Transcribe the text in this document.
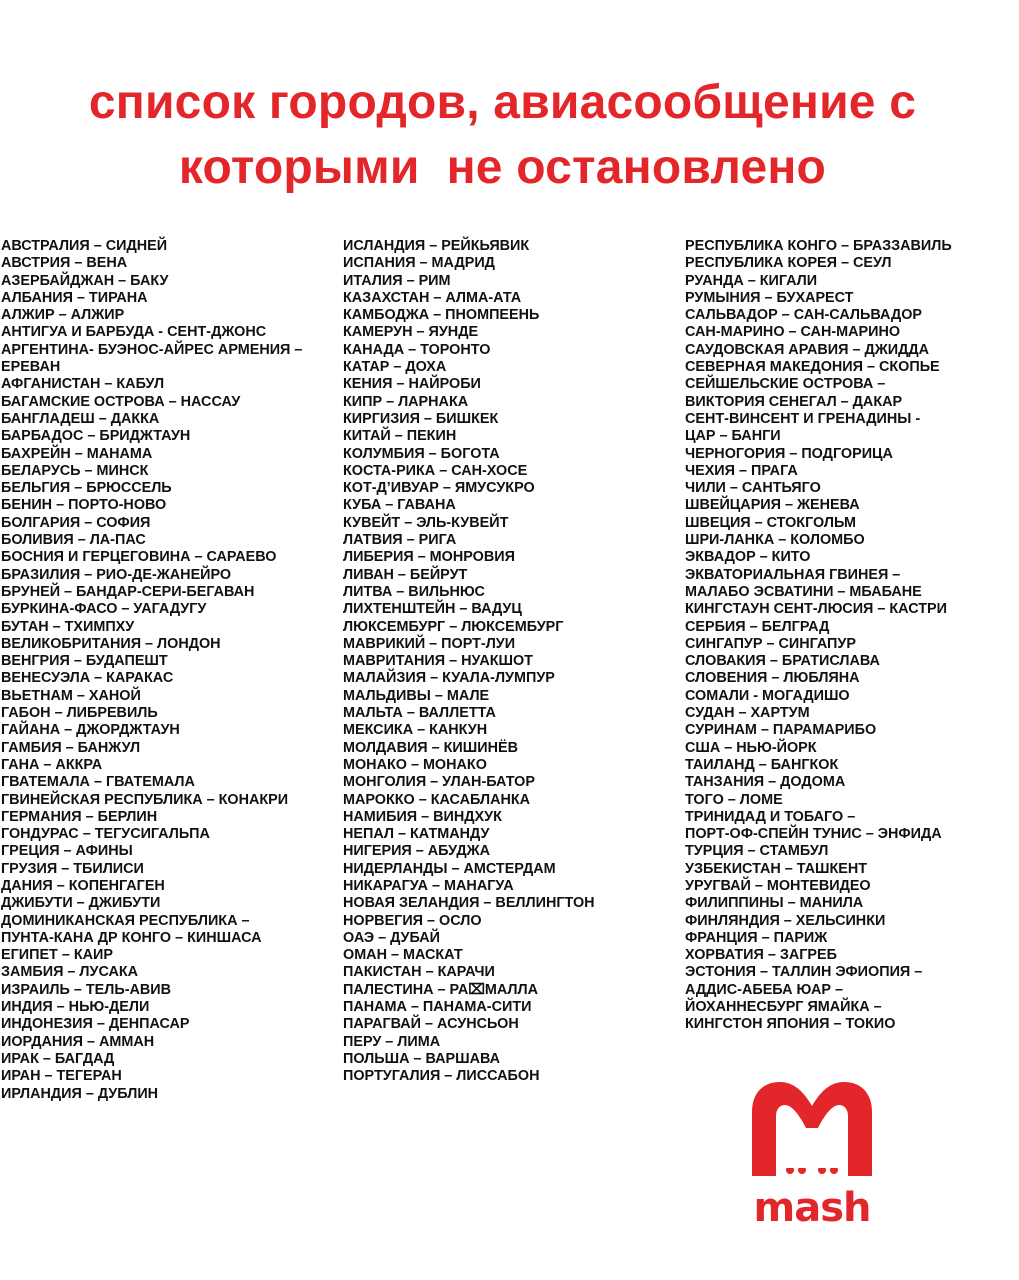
список городов, авиасообщение с
которыми  не остановлено
АВСТРАЛИЯ – СИДНЕЙ
АВСТРИЯ – ВЕНА
АЗЕРБАЙДЖАН – БАКУ
АЛБАНИЯ – ТИРАНА
АЛЖИР – АЛЖИР
АНТИГУА И БАРБУДА - СЕНТ-ДЖОНС
АРГЕНТИНА- БУЭНОС-АЙРЕС АРМЕНИЯ –
ЕРЕВАН
АФГАНИСТАН – КАБУЛ
БАГАМСКИЕ ОСТРОВА – НАССАУ
БАНГЛАДЕШ – ДАККА
БАРБАДОС – БРИДЖТАУН
БАХРЕЙН – МАНАМА
БЕЛАРУСЬ – МИНСК
БЕЛЬГИЯ – БРЮССЕЛЬ
БЕНИН – ПОРТО-НОВО
БОЛГАРИЯ – СОФИЯ
БОЛИВИЯ – ЛА-ПАС
БОСНИЯ И ГЕРЦЕГОВИНА – САРАЕВО
БРАЗИЛИЯ – РИО-ДЕ-ЖАНЕЙРО
БРУНЕЙ – БАНДАР-СЕРИ-БЕГАВАН
БУРКИНА-ФАСО – УАГАДУГУ
БУТАН – ТХИМПХУ
ВЕЛИКОБРИТАНИЯ – ЛОНДОН
ВЕНГРИЯ – БУДАПЕШТ
ВЕНЕСУЭЛА – КАРАКАС
ВЬЕТНАМ – ХАНОЙ
ГАБОН – ЛИБРЕВИЛЬ
ГАЙАНА – ДЖОРДЖТАУН
ГАМБИЯ – БАНЖУЛ
ГАНА – АККРА
ГВАТЕМАЛА – ГВАТЕМАЛА
ГВИНЕЙСКАЯ РЕСПУБЛИКА – КОНАКРИ
ГЕРМАНИЯ – БЕРЛИН
ГОНДУРАС – ТЕГУСИГАЛЬПА
ГРЕЦИЯ – АФИНЫ
ГРУЗИЯ – ТБИЛИСИ
ДАНИЯ – КОПЕНГАГЕН
ДЖИБУТИ – ДЖИБУТИ
ДОМИНИКАНСКАЯ РЕСПУБЛИКА –
ПУНТА-КАНА ДР КОНГО – КИНШАСА
ЕГИПЕТ – КАИР
ЗАМБИЯ – ЛУСАКА
ИЗРАИЛЬ – ТЕЛЬ-АВИВ
ИНДИЯ – НЬЮ-ДЕЛИ
ИНДОНЕЗИЯ – ДЕНПАСАР
ИОРДАНИЯ – АММАН
ИРАК – БАГДАД
ИРАН – ТЕГЕРАН
ИРЛАНДИЯ – ДУБЛИН
ИСЛАНДИЯ – РЕЙКЬЯВИК
ИСПАНИЯ – МАДРИД
ИТАЛИЯ – РИМ
КАЗАХСТАН – АЛМА-АТА
КАМБОДЖА – ПНОМПЕЕНЬ
КАМЕРУН – ЯУНДЕ
КАНАДА – ТОРОНТО
КАТАР – ДОХА
КЕНИЯ – НАЙРОБИ
КИПР – ЛАРНАКА
КИРГИЗИЯ – БИШКЕК
КИТАЙ – ПЕКИН
КОЛУМБИЯ – БОГОТА
КОСТА-РИКА – САН-ХОСЕ
КОТ-Д’ИВУАР – ЯМУСУКРО
КУБА – ГАВАНА
КУВЕЙТ – ЭЛЬ-КУВЕЙТ
ЛАТВИЯ – РИГА
ЛИБЕРИЯ – МОНРОВИЯ
ЛИВАН – БЕЙРУТ
ЛИТВА – ВИЛЬНЮС
ЛИХТЕНШТЕЙН – ВАДУЦ
ЛЮКСЕМБУРГ – ЛЮКСЕМБУРГ
МАВРИКИЙ – ПОРТ-ЛУИ
МАВРИТАНИЯ – НУАКШОТ
МАЛАЙЗИЯ – КУАЛА-ЛУМПУР
МАЛЬДИВЫ – МАЛЕ
МАЛЬТА – ВАЛЛЕТТА
МЕКСИКА – КАНКУН
МОЛДАВИЯ – КИШИНЁВ
МОНАКО – МОНАКО
МОНГОЛИЯ – УЛАН-БАТОР
МАРОККО – КАСАБЛАНКА
НАМИБИЯ – ВИНДХУК
НЕПАЛ – КАТМАНДУ
НИГЕРИЯ – АБУДЖА
НИДЕРЛАНДЫ – АМСТЕРДАМ
НИКАРАГУА – МАНАГУА
НОВАЯ ЗЕЛАНДИЯ – ВЕЛЛИНГТОН
НОРВЕГИЯ – ОСЛО
ОАЭ – ДУБАЙ
ОМАН – МАСКАТ
ПАКИСТАН – КАРАЧИ
ПАЛЕСТИНА – РА⌧МАЛЛА
ПАНАМА – ПАНАМА-СИТИ
ПАРАГВАЙ – АСУНСЬОН
ПЕРУ – ЛИМА
ПОЛЬША – ВАРШАВА
ПОРТУГАЛИЯ – ЛИССАБОН
РЕСПУБЛИКА КОНГО – БРАЗЗАВИЛЬ
РЕСПУБЛИКА КОРЕЯ – СЕУЛ
РУАНДА – КИГАЛИ
РУМЫНИЯ – БУХАРЕСТ
САЛЬВАДОР – САН-САЛЬВАДОР
САН-МАРИНО – САН-МАРИНО
САУДОВСКАЯ АРАВИЯ – ДЖИДДА
СЕВЕРНАЯ МАКЕДОНИЯ – СКОПЬЕ
СЕЙШЕЛЬСКИЕ ОСТРОВА –
ВИКТОРИЯ СЕНЕГАЛ – ДАКАР
СЕНТ-ВИНСЕНТ И ГРЕНАДИНЫ -
ЦАР – БАНГИ
ЧЕРНОГОРИЯ – ПОДГОРИЦА
ЧЕХИЯ – ПРАГА
ЧИЛИ – САНТЬЯГО
ШВЕЙЦАРИЯ – ЖЕНЕВА
ШВЕЦИЯ – СТОКГОЛЬМ
ШРИ-ЛАНКА – КОЛОМБО
ЭКВАДОР – КИТО
ЭКВАТОРИАЛЬНАЯ ГВИНЕЯ –
МАЛАБО ЭСВАТИНИ – МБАБАНЕ
КИНГСТАУН СЕНТ-ЛЮСИЯ – КАСТРИ
СЕРБИЯ – БЕЛГРАД
СИНГАПУР – СИНГАПУР
СЛОВАКИЯ – БРАТИСЛАВА
СЛОВЕНИЯ – ЛЮБЛЯНА
СОМАЛИ - МОГАДИШО
СУДАН – ХАРТУМ
СУРИНАМ – ПАРАМАРИБО
США – НЬЮ-ЙОРК
ТАИЛАНД – БАНГКОК
ТАНЗАНИЯ – ДОДОМА
ТОГО – ЛОМЕ
ТРИНИДАД И ТОБАГО –
ПОРТ-ОФ-СПЕЙН ТУНИС – ЭНФИДА
ТУРЦИЯ – СТАМБУЛ
УЗБЕКИСТАН – ТАШКЕНТ
УРУГВАЙ – МОНТЕВИДЕО
ФИЛИППИНЫ – МАНИЛА
ФИНЛЯНДИЯ – ХЕЛЬСИНКИ
ФРАНЦИЯ – ПАРИЖ
ХОРВАТИЯ – ЗАГРЕБ
ЭСТОНИЯ – ТАЛЛИН ЭФИОПИЯ –
АДДИС-АБЕБА ЮАР –
ЙОХАННЕСБУРГ ЯМАЙКА –
КИНГСТОН ЯПОНИЯ – ТОКИО
mash
